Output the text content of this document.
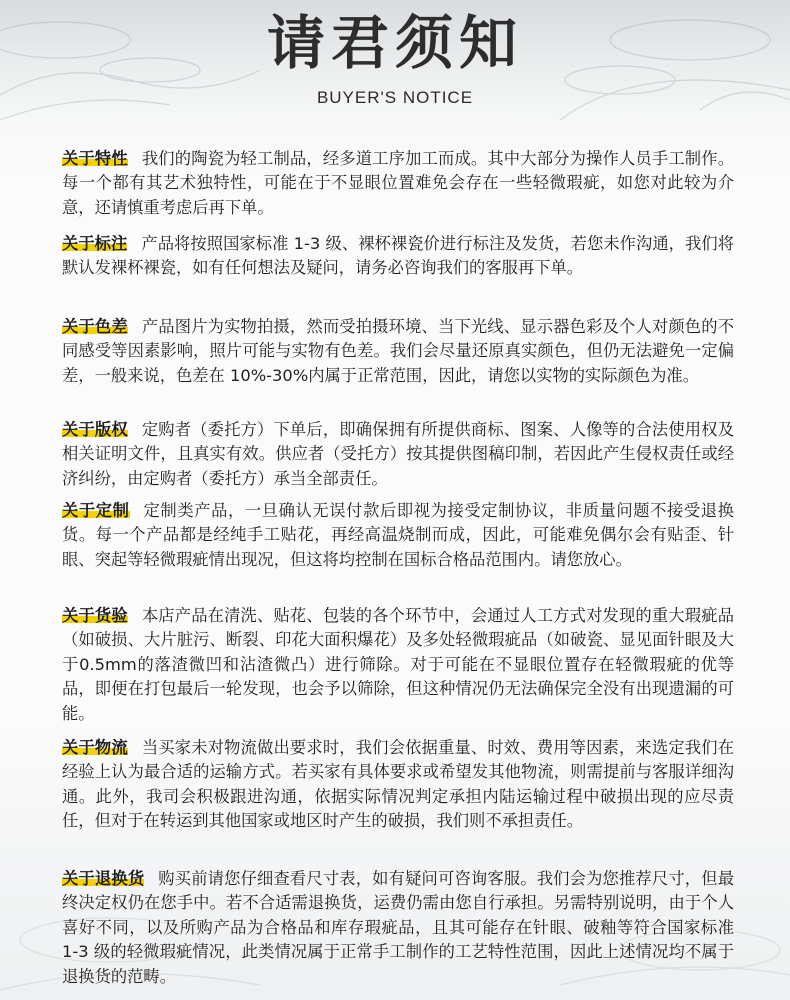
请君须知
BUYER'S NOTICE

关于特性 我们的陶瓷为轻工制品，经多道工序加工而成。其中大部分为操作人员手工制作。每一个都有其艺术独特性，可能在于不显眼位置难免会存在一些轻微瑕疵，如您对此较为介意，还请慎重考虑后再下单。

关于标注 产品将按照国家标准 1-3 级、裸杯裸瓷价进行标注及发货，若您未作沟通，我们将默认发裸杯裸瓷，如有任何想法及疑问，请务必咨询我们的客服再下单。

关于色差 产品图片为实物拍摄，然而受拍摄环境、当下光线、显示器色彩及个人对颜色的不同感受等因素影响，照片可能与实物有色差。我们会尽量还原真实颜色，但仍无法避免一定偏差，一般来说，色差在 10%-30%内属于正常范围，因此，请您以实物的实际颜色为准。

关于版权 定购者（委托方）下单后，即确保拥有所提供商标、图案、人像等的合法使用权及相关证明文件，且真实有效。供应者（受托方）按其提供图稿印制，若因此产生侵权责任或经济纠纷，由定购者（委托方）承当全部责任。

关于定制 定制类产品，一旦确认无误付款后即视为接受定制协议，非质量问题不接受退换货。每一个产品都是经纯手工贴花，再经高温烧制而成，因此，可能难免偶尔会有贴歪、针眼、突起等轻微瑕疵情出现况，但这将均控制在国标合格品范围内。请您放心。

关于货验 本店产品在清洗、贴花、包装的各个环节中，会通过人工方式对发现的重大瑕疵品（如破损、大片脏污、断裂、印花大面积爆花）及多处轻微瑕疵品（如破瓷、显见面针眼及大于0.5mm的落渣微凹和沾渣微凸）进行筛除。对于可能在不显眼位置存在轻微瑕疵的优等品，即便在打包最后一轮发现，也会予以筛除，但这种情况仍无法确保完全没有出现遗漏的可能。

关于物流 当买家未对物流做出要求时，我们会依据重量、时效、费用等因素，来选定我们在经验上认为最合适的运输方式。若买家有具体要求或希望发其他物流，则需提前与客服详细沟通。此外，我司会积极跟进沟通，依据实际情况判定承担内陆运输过程中破损出现的应尽责任，但对于在转运到其他国家或地区时产生的破损，我们则不承担责任。

关于退换货 购买前请您仔细查看尺寸表，如有疑问可咨询客服。我们会为您推荐尺寸，但最终决定权仍在您手中。若不合适需退换货，运费仍需由您自行承担。另需特别说明，由于个人喜好不同，以及所购产品为合格品和库存瑕疵品，且其可能存在针眼、破釉等符合国家标准 1-3 级的轻微瑕疵情况，此类情况属于正常手工制作的工艺特性范围，因此上述情况均不属于退换货的范畴。
